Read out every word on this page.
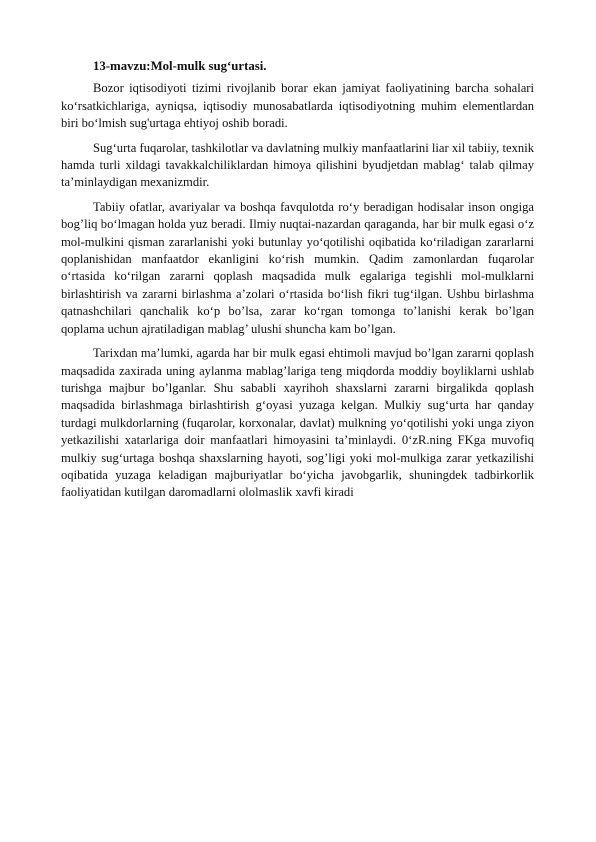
13-mavzu:Mol-mulk sug‘urtasi.

Bozor iqtisodiyoti tizimi rivojlanib borar ekan jamiyat faoliyatining barcha sohalari ko‘rsatkichlariga, ayniqsa, iqtisodiy munosabatlarda iqtisodiyotning muhim elementlardan biri bo‘lmish sug'urtaga ehtiyoj oshib boradi.

Sug‘urta fuqarolar, tashkilotlar va davlatning mulkiy manfaatlarini liar xil tabiiy, texnik hamda turli xildagi tavakkalchiliklardan himoya qilishini byudjetdan mablag‘ talab qilmay ta’minlaydigan mexanizmdir.

Tabiiy ofatlar, avariyalar va boshqa favqulotda ro‘y beradigan hodisalar inson ongiga bog’liq bo‘lmagan holda yuz beradi. Ilmiy nuqtai-nazardan qaraganda, har bir mulk egasi o‘z mol-mulkini qisman zararlanishi yoki butunlay yo‘qotilishi oqibatida ko‘riladigan zararlarni qoplanishidan manfaatdor ekanligini ko‘rish mumkin. Qadim zamonlardan fuqarolar o‘rtasida ko‘rilgan zararni qoplash maqsadida mulk egalariga tegishli mol-mulklarni birlashtirish va zararni birlashma a’zolari o‘rtasida bo‘lish fikri tug‘ilgan. Ushbu birlashma qatnashchilari qanchalik ko‘p bo’lsa, zarar ko‘rgan tomonga to’lanishi kerak bo’lgan qoplama uchun ajratiladigan mablag’ ulushi shuncha kam bo’lgan.

Tarixdan ma’lumki, agarda har bir mulk egasi ehtimoli mavjud bo’lgan zararni qoplash maqsadida zaxirada uning aylanma mablag’lariga teng miqdorda moddiy boyliklarni ushlab turishga majbur bo’lganlar. Shu sababli xayrihoh shaxslarni zararni birgalikda qoplash maqsadida birlashmaga birlashtirish g‘oyasi yuzaga kelgan. Mulkiy sug‘urta har qanday turdagi mulkdorlarning (fuqarolar, korxonalar, davlat) mulkning yo‘qotilishi yoki unga ziyon yetkazilishi xatarlariga doir manfaatlari himoyasini ta’minlaydi. 0‘zR.ning FKga muvofiq mulkiy sug‘urtaga boshqa shaxslarning hayoti, sog’ligi yoki mol-mulkiga zarar yetkazilishi oqibatida yuzaga keladigan majburiyatlar bo‘yicha javobgarlik, shuningdek tadbirkorlik faoliyatidan kutilgan daromadlarni ololmaslik xavfi kiradi
